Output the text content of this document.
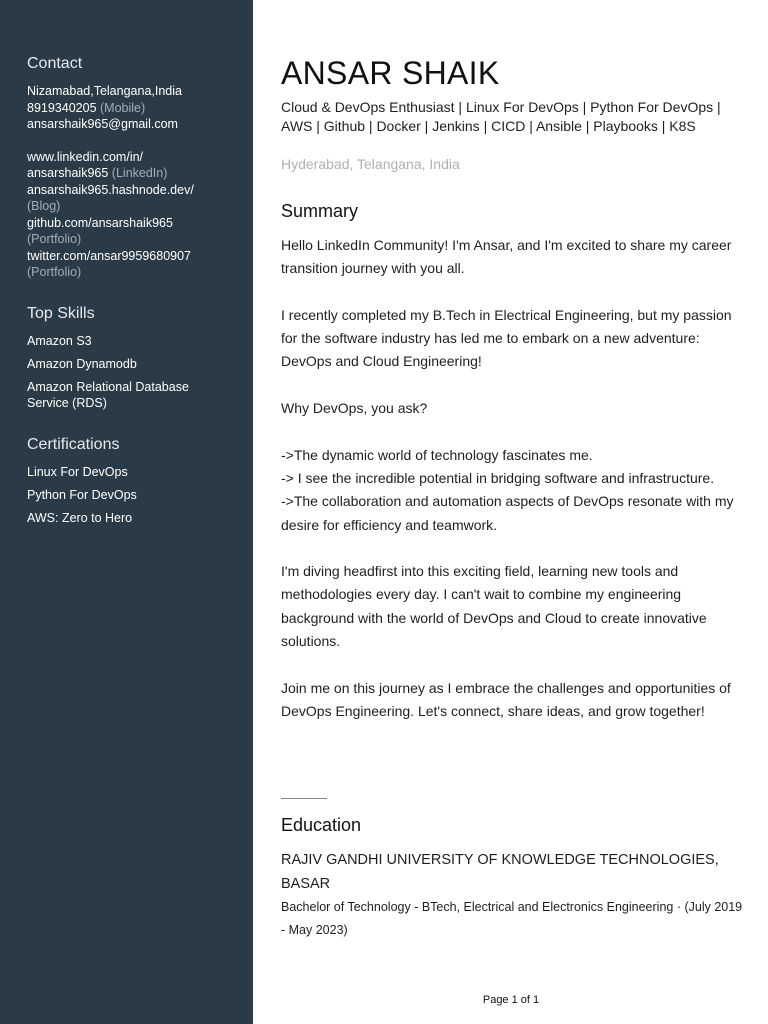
Contact
Nizamabad,Telangana,India
8919340205 (Mobile)
ansarshaik965@gmail.com
www.linkedin.com/in/
ansarshaik965 (LinkedIn)
ansarshaik965.hashnode.dev/
(Blog)
github.com/ansarshaik965
(Portfolio)
twitter.com/ansar9959680907
(Portfolio)
Top Skills
Amazon S3
Amazon Dynamodb
Amazon Relational Database Service (RDS)
Certifications
Linux For DevOps
Python For DevOps
AWS: Zero to Hero
ANSAR SHAIK
Cloud & DevOps Enthusiast | Linux For DevOps | Python For DevOps | AWS | Github | Docker | Jenkins | CICD | Ansible | Playbooks | K8S
Hyderabad, Telangana, India
Summary

Hello LinkedIn Community! I'm Ansar, and I'm excited to share my career transition journey with you all.

I recently completed my B.Tech in Electrical Engineering, but my passion for the software industry has led me to embark on a new adventure: DevOps and Cloud Engineering!

Why DevOps, you ask?

->The dynamic world of technology fascinates me.
-> I see the incredible potential in bridging software and infrastructure.
->The collaboration and automation aspects of DevOps resonate with my desire for efficiency and teamwork.

I'm diving headfirst into this exciting field, learning new tools and methodologies every day. I can't wait to combine my engineering background with the world of DevOps and Cloud to create innovative solutions.

Join me on this journey as I embrace the challenges and opportunities of DevOps Engineering. Let's connect, share ideas, and grow together!

Education
RAJIV GANDHI UNIVERSITY OF KNOWLEDGE TECHNOLOGIES, BASAR
Bachelor of Technology - BTech, Electrical and Electronics Engineering · (July 2019 - May 2023)
Page 1 of 1
